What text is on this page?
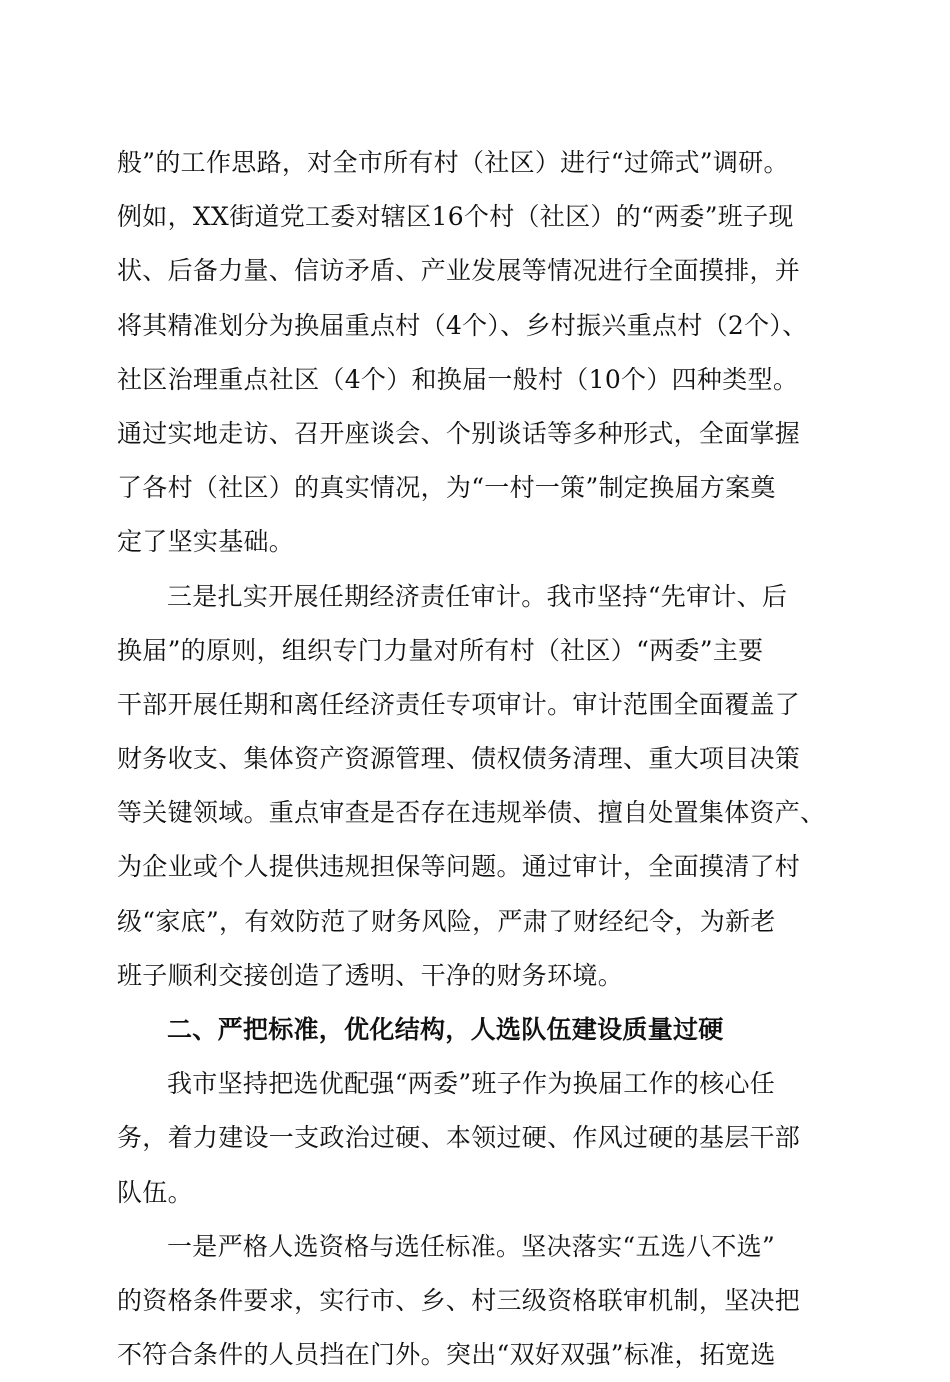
般”的工作思路，对全市所有村（社区）进行“过筛式”调研。
例如，XX街道党工委对辖区16个村（社区）的“两委”班子现
状、后备力量、信访矛盾、产业发展等情况进行全面摸排，并
将其精准划分为换届重点村（4个）、乡村振兴重点村（2个）、
社区治理重点社区（4个）和换届一般村（10个）四种类型。
通过实地走访、召开座谈会、个别谈话等多种形式，全面掌握
了各村（社区）的真实情况，为“一村一策”制定换届方案奠
定了坚实基础。
三是扎实开展任期经济责任审计。我市坚持“先审计、后
换届”的原则，组织专门力量对所有村（社区）“两委”主要
干部开展任期和离任经济责任专项审计。审计范围全面覆盖了
财务收支、集体资产资源管理、债权债务清理、重大项目决策
等关键领域。重点审查是否存在违规举债、擅自处置集体资产、
为企业或个人提供违规担保等问题。通过审计，全面摸清了村
级“家底”，有效防范了财务风险，严肃了财经纪令，为新老
班子顺利交接创造了透明、干净的财务环境。
二、严把标准，优化结构，人选队伍建设质量过硬
我市坚持把选优配强“两委”班子作为换届工作的核心任
务，着力建设一支政治过硬、本领过硬、作风过硬的基层干部
队伍。
一是严格人选资格与选任标准。坚决落实“五选八不选”
的资格条件要求，实行市、乡、村三级资格联审机制，坚决把
不符合条件的人员挡在门外。突出“双好双强”标准，拓宽选
